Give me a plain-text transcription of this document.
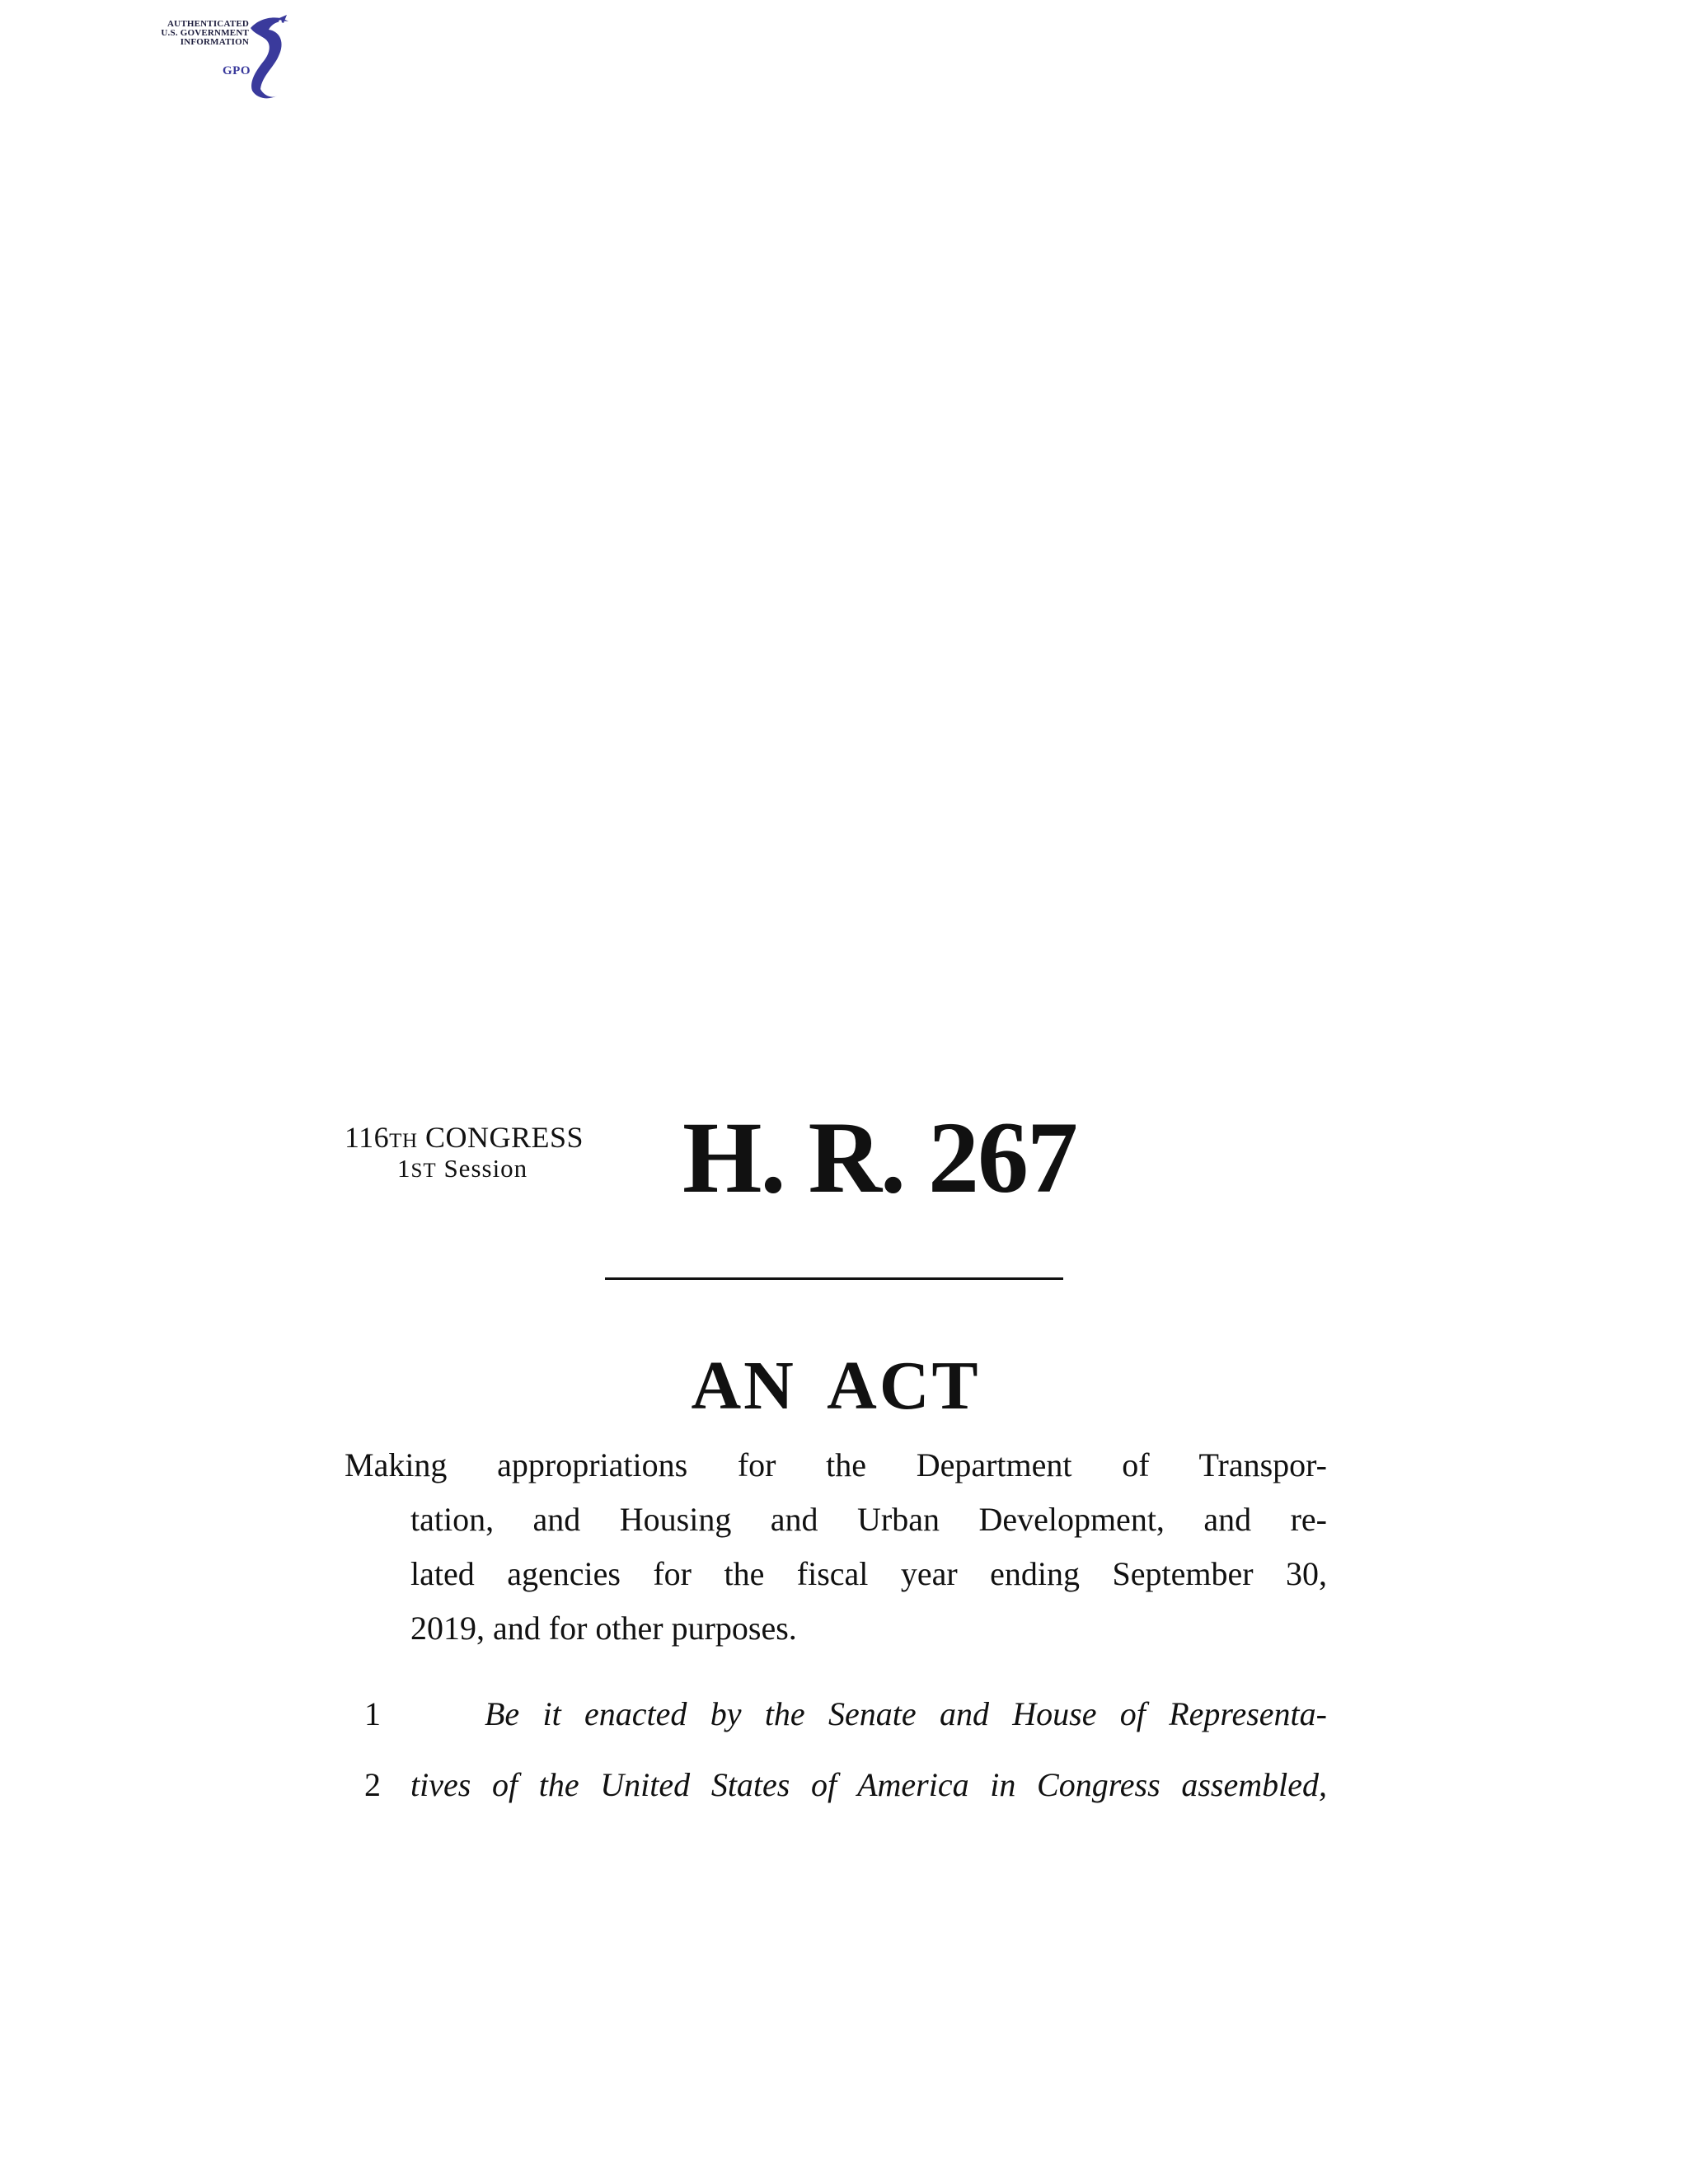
AUTHENTICATED
U.S. GOVERNMENT
INFORMATION
GPO
116TH CONGRESS
1ST Session	H. R. 267
AN ACT
Making appropriations for the Department of Transpor-
tation, and Housing and Urban Development, and re-
lated agencies for the fiscal year ending September 30,
2019, and for other purposes.
1	Be it enacted by the Senate and House of Representa-
2 tives of the United States of America in Congress assembled,
